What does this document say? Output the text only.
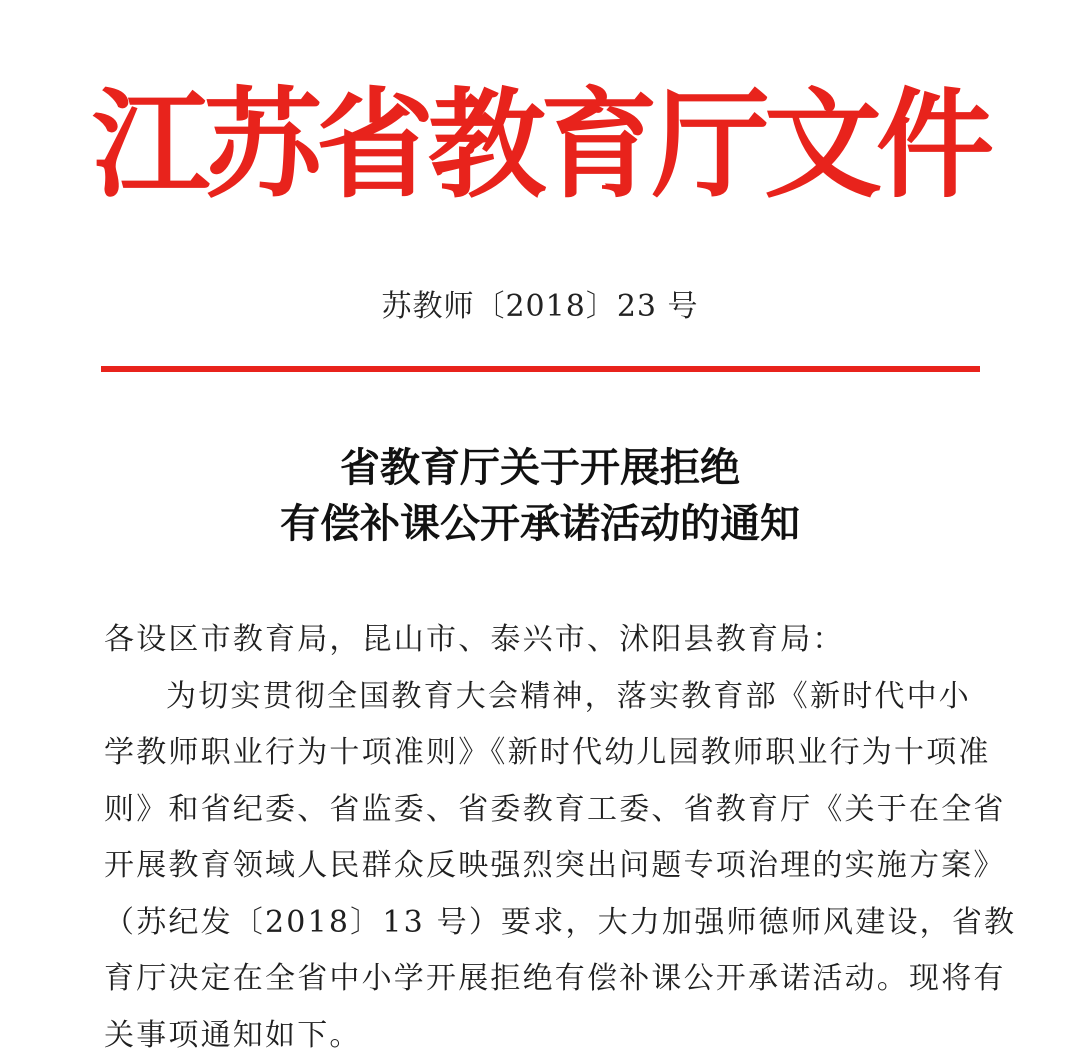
江苏省教育厅文件
苏教师〔2018〕23 号
省教育厅关于开展拒绝
有偿补课公开承诺活动的通知
各设区市教育局，昆山市、泰兴市、沭阳县教育局：
为切实贯彻全国教育大会精神，落实教育部《新时代中小
学教师职业行为十项准则》《新时代幼儿园教师职业行为十项准
则》和省纪委、省监委、省委教育工委、省教育厅《关于在全省
开展教育领域人民群众反映强烈突出问题专项治理的实施方案》
（苏纪发〔2018〕13 号）要求，大力加强师德师风建设，省教
育厅决定在全省中小学开展拒绝有偿补课公开承诺活动。现将有
关事项通知如下。
